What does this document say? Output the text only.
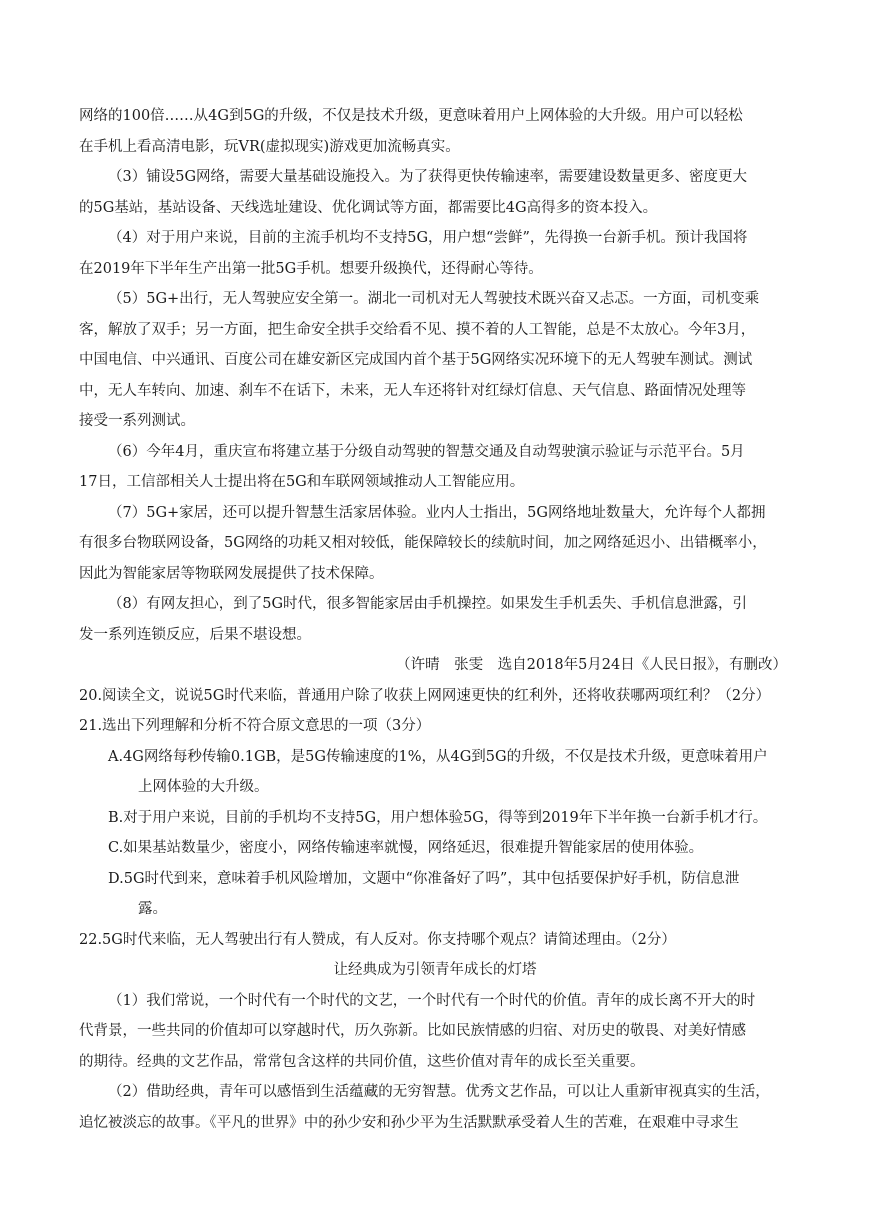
网络的100倍……从4G到5G的升级，不仅是技术升级，更意味着用户上网体验的大升级。用户可以轻松
在手机上看高清电影，玩VR(虚拟现实)游戏更加流畅真实。
（3）铺设5G网络，需要大量基础设施投入。为了获得更快传输速率，需要建设数量更多、密度更大
的5G基站，基站设备、天线选址建设、优化调试等方面，都需要比4G高得多的资本投入。
（4）对于用户来说，目前的主流手机均不支持5G，用户想“尝鲜”，先得换一台新手机。预计我国将
在2019年下半年生产出第一批5G手机。想要升级换代，还得耐心等待。
（5）5G+出行，无人驾驶应安全第一。湖北一司机对无人驾驶技术既兴奋又忐忑。一方面，司机变乘
客，解放了双手；另一方面，把生命安全拱手交给看不见、摸不着的人工智能，总是不太放心。今年3月，
中国电信、中兴通讯、百度公司在雄安新区完成国内首个基于5G网络实况环境下的无人驾驶车测试。测试
中，无人车转向、加速、刹车不在话下，未来，无人车还将针对红绿灯信息、天气信息、路面情况处理等
接受一系列测试。
（6）今年4月，重庆宣布将建立基于分级自动驾驶的智慧交通及自动驾驶演示验证与示范平台。5月
17日，工信部相关人士提出将在5G和车联网领域推动人工智能应用。
（7）5G+家居，还可以提升智慧生活家居体验。业内人士指出，5G网络地址数量大，允许每个人都拥
有很多台物联网设备，5G网络的功耗又相对较低，能保障较长的续航时间，加之网络延迟小、出错概率小，
因此为智能家居等物联网发展提供了技术保障。
（8）有网友担心，到了5G时代，很多智能家居由手机操控。如果发生手机丢失、手机信息泄露，引
发一系列连锁反应，后果不堪设想。
（许晴　张雯　选自2018年5月24日《人民日报》，有删改）
20.阅读全文，说说5G时代来临，普通用户除了收获上网网速更快的红利外，还将收获哪两项红利？（2分）
21.选出下列理解和分析不符合原文意思的一项（3分）
A.4G网络每秒传输0.1GB，是5G传输速度的1%，从4G到5G的升级，不仅是技术升级，更意味着用户
上网体验的大升级。
B.对于用户来说，目前的手机均不支持5G，用户想体验5G，得等到2019年下半年换一台新手机才行。
C.如果基站数量少，密度小，网络传输速率就慢，网络延迟，很难提升智能家居的使用体验。
D.5G时代到来，意味着手机风险增加，文题中“你准备好了吗”，其中包括要保护好手机，防信息泄
露。
22.5G时代来临，无人驾驶出行有人赞成，有人反对。你支持哪个观点？请简述理由。（2分）
让经典成为引领青年成长的灯塔
（1）我们常说，一个时代有一个时代的文艺，一个时代有一个时代的价值。青年的成长离不开大的时
代背景，一些共同的价值却可以穿越时代，历久弥新。比如民族情感的归宿、对历史的敬畏、对美好情感
的期待。经典的文艺作品，常常包含这样的共同价值，这些价值对青年的成长至关重要。
（2）借助经典，青年可以感悟到生活蕴藏的无穷智慧。优秀文艺作品，可以让人重新审视真实的生活，
追忆被淡忘的故事。《平凡的世界》中的孙少安和孙少平为生活默默承受着人生的苦难，在艰难中寻求生
